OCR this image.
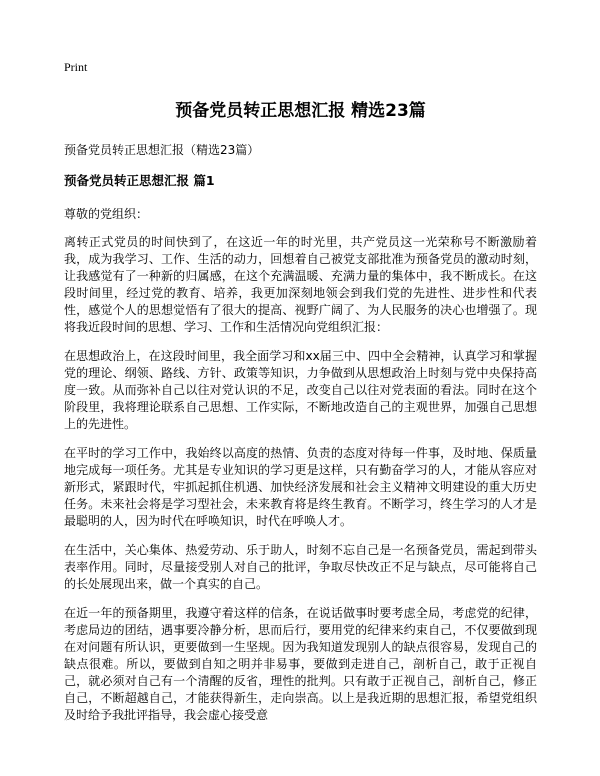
Print
预备党员转正思想汇报 精选23篇
预备党员转正思想汇报（精选23篇）
预备党员转正思想汇报 篇1
尊敬的党组织：

离转正式党员的时间快到了，在这近一年的时光里，共产党员这一光荣称号不断激励着我，成为我学习、工作、生活的动力，回想着自己被党支部批准为预备党员的激动时刻，让我感觉有了一种新的归属感，在这个充满温暖、充满力量的集体中，我不断成长。在这段时间里，经过党的教育、培养，我更加深刻地领会到我们党的先进性、进步性和代表性，感觉个人的思想觉悟有了很大的提高、视野广阔了、为人民服务的决心也增强了。现将我近段时间的思想、学习、工作和生活情况向党组织汇报：

在思想政治上，在这段时间里，我全面学习和xx届三中、四中全会精神，认真学习和掌握党的理论、纲领、路线、方针、政策等知识，力争做到从思想政治上时刻与党中央保持高度一致。从而弥补自己以往对党认识的不足，改变自己以往对党表面的看法。同时在这个阶段里，我将理论联系自己思想、工作实际，不断地改造自己的主观世界，加强自己思想上的先进性。

在平时的学习工作中，我始终以高度的热情、负责的态度对待每一件事，及时地、保质量地完成每一项任务。尤其是专业知识的学习更是这样，只有勤奋学习的人，才能从容应对新形式，紧跟时代，牢抓起抓住机遇、加快经济发展和社会主义精神文明建设的重大历史任务。未来社会将是学习型社会，未来教育将是终生教育。不断学习，终生学习的人才是最聪明的人，因为时代在呼唤知识，时代在呼唤人才。

在生活中，关心集体、热爱劳动、乐于助人，时刻不忘自己是一名预备党员，需起到带头表率作用。同时，尽量接受别人对自己的批评，争取尽快改正不足与缺点，尽可能将自己的长处展现出来，做一个真实的自己。

在近一年的预备期里，我遵守着这样的信条，在说话做事时要考虑全局，考虑党的纪律，考虑局边的团结，遇事要冷静分析，思而后行，要用党的纪律来约束自己，不仅要做到现在对问题有所认识，更要做到一生坚规。因为我知道发现别人的缺点很容易，发现自己的缺点很难。所以，要做到自知之明并非易事，要做到走进自己，剖析自己，敢于正视自己，就必须对自己有一个清醒的反省，理性的批判。只有敢于正视自己，剖析自己，修正自己，不断超越自己，才能获得新生，走向崇高。以上是我近期的思想汇报，希望党组织及时给予我批评指导，我会虚心接受意
